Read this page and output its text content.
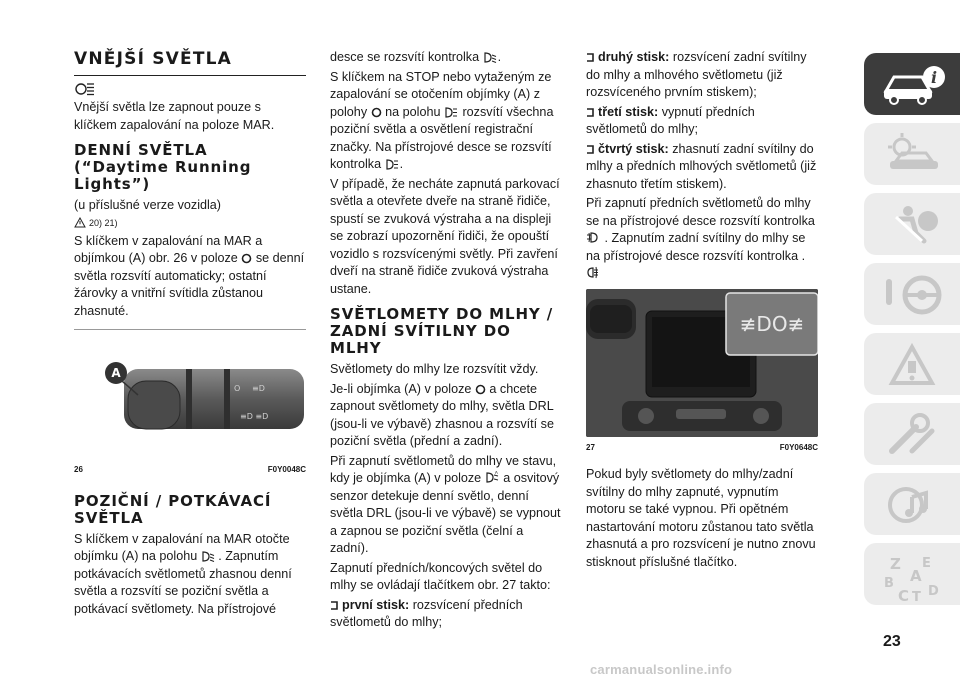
VNĚJŠÍ SVĚTLA

Vnější světla lze zapnout pouze s klíčkem zapalování na poloze MAR.

DENNÍ SVĚTLA (“Daytime Running Lights”)

(u příslušné verze vozidla)

20) 21)

S klíčkem v zapalování na MAR a objímkou (A) obr. 26 v poloze se denní světla rozsvítí automaticky; ostatní žárovky a vnitřní svítidla zůstanou zhasnuté.

O ≡D
≡D ≡D
A
26	F0Y0048C
POZIČNÍ / POTKÁVACÍ SVĚTLA

S klíčkem v zapalování na MAR otočte objímku (A) na polohu . Zapnutím potkávacích světlometů zhasnou denní světla a rozsvítí se poziční světla a potkávací světlomety. Na přístrojové

desce se rozsvítí kontrolka .

S klíčkem na STOP nebo vytaženým ze zapalování se otočením objímky (A) z polohy na polohu rozsvítí všechna poziční světla a osvětlení registrační značky. Na přístrojové desce se rozsvítí kontrolka .

V případě, že necháte zapnutá parkovací světla a otevřete dveře na straně řidiče, spustí se zvuková výstraha a na displeji se zobrazí upozornění řidiči, že opouští vozidlo s rozsvícenými světly. Při zavření dveří na straně řidiče zvuková výstraha ustane.

SVĚTLOMETY DO MLHY / ZADNÍ SVÍTILNY DO MLHY

Světlomety do mlhy lze rozsvítit vždy.

Je-li objímka (A) v poloze a chcete zapnout světlomety do mlhy, světla DRL (jsou-li ve výbavě) zhasnou a rozsvítí se poziční světla (přední a zadní).

Při zapnutí světlometů do mlhy ve stavu, kdy je objímka (A) v poloze	A a osvitový senzor detekuje denní světlo, denní světla DRL (jsou-li ve výbavě) se vypnout a zapnou se poziční světla (čelní a zadní).

Zapnutí předních/koncových světel do mlhy se ovládají tlačítkem obr. 27 takto:

první stisk: rozsvícení předních světlometů do mlhy;

druhý stisk: rozsvícení zadní svítilny do mlhy a mlhového světlometu (již rozsvíceného prvním stiskem);

třetí stisk: vypnutí předních světlometů do mlhy;

čtvrtý stisk: zhasnutí zadní svítilny do mlhy a předních mlhových světlometů (již zhasnuto třetím stiskem).

Při zapnutí předních světlometů do mlhy se na přístrojové desce rozsvítí kontrolka  . Zapnutím zadní svítilny do mlhy se na přístrojové desce rozsvítí kontrolka .

≢DO≢
27	F0Y0648C

Pokud byly světlomety do mlhy/zadní svítilny do mlhy zapnuté, vypnutím motoru se také vypnou. Při opětném nastartování motoru zůstanou tato světla zhasnutá a pro rozsvícení je nutno znovu stisknout příslušné tlačítko.

i
Z E
A
B
D
C T
23
carmanualsonline.info
